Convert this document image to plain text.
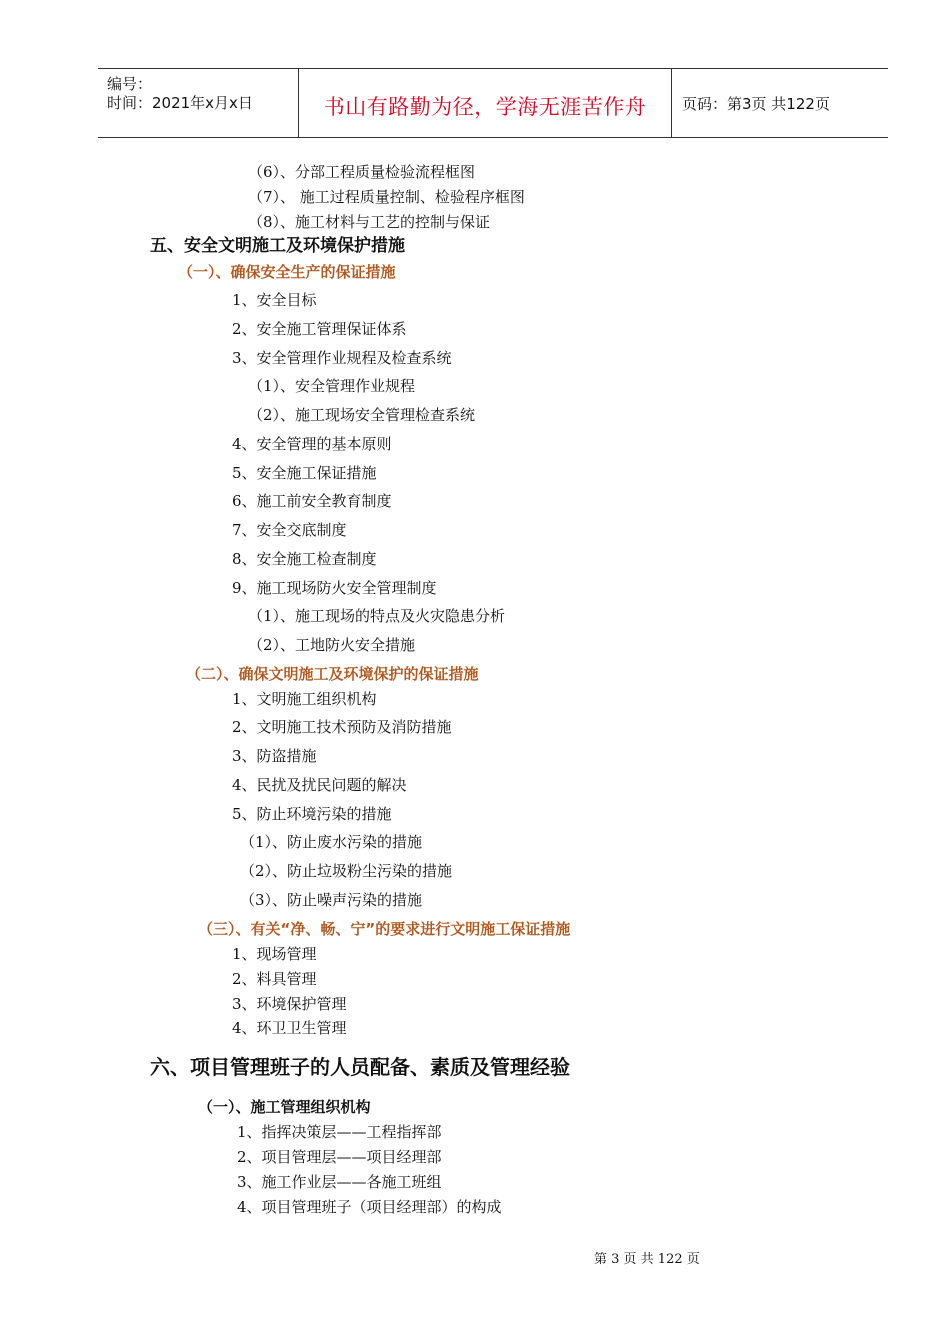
编号：
时间：2021年x月x日	书山有路勤为径，学海无涯苦作舟	页码：第3页 共122页
（6）、分部工程质量检验流程框图
（7）、 施工过程质量控制、检验程序框图
（8）、施工材料与工艺的控制与保证
五、安全文明施工及环境保护措施
（一）、确保安全生产的保证措施
1、安全目标
2、安全施工管理保证体系
3、安全管理作业规程及检查系统
（1）、安全管理作业规程
（2）、施工现场安全管理检查系统
4、安全管理的基本原则
5、安全施工保证措施
6、施工前安全教育制度
7、安全交底制度
8、安全施工检查制度
9、施工现场防火安全管理制度
（1）、施工现场的特点及火灾隐患分析
（2）、工地防火安全措施
（二）、确保文明施工及环境保护的保证措施
1、文明施工组织机构
2、文明施工技术预防及消防措施
3、防盗措施
4、民扰及扰民问题的解决
5、防止环境污染的措施
（1）、防止废水污染的措施
（2）、防止垃圾粉尘污染的措施
（3）、防止噪声污染的措施
（三）、有关“净、畅、宁”的要求进行文明施工保证措施
1、现场管理
2、料具管理
3、环境保护管理
4、环卫卫生管理
六、项目管理班子的人员配备、素质及管理经验
（一）、施工管理组织机构
1、指挥决策层——工程指挥部
2、项目管理层——项目经理部
3、施工作业层——各施工班组
4、项目管理班子（项目经理部）的构成
第 3 页 共 122 页
